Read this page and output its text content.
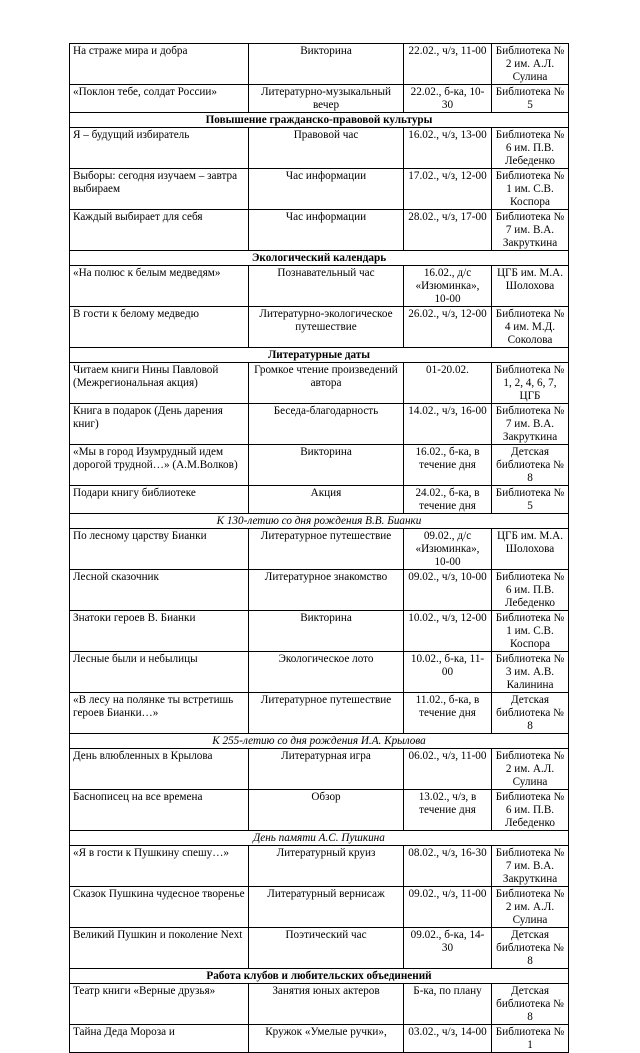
На страже мира и добра	Викторина	22.02., ч/з, 11-00	Библиотека № 2 им. А.Л. Сулина
«Поклон тебе, солдат России»	Литературно-музыкальный вечер	22.02., б-ка, 10-30	Библиотека № 5
Повышение гражданско-правовой культуры			
Я – будущий избиратель	Правовой час	16.02., ч/з, 13-00	Библиотека № 6 им. П.В. Лебеденко
Выборы: сегодня изучаем – завтра выбираем	Час информации	17.02., ч/з, 12-00	Библиотека № 1 им. С.В. Коспора
Каждый выбирает для себя	Час информации	28.02., ч/з, 17-00	Библиотека № 7 им. В.А. Закруткина
Экологический календарь			
«На полюс к белым медведям»	Познавательный час	16.02., д/с «Изюминка», 10-00	ЦГБ им. М.А. Шолохова
В гости к белому медведю	Литературно-экологическое путешествие	26.02., ч/з, 12-00	Библиотека № 4 им. М.Д. Соколова
Литературные даты			
Читаем книги Нины Павловой (Межрегиональная акция)	Громкое чтение произведений автора	01-20.02.	Библиотека № 1, 2, 4, 6, 7, ЦГБ
Книга в подарок (День дарения книг)	Беседа-благодарность	14.02., ч/з, 16-00	Библиотека № 7 им. В.А. Закруткина
«Мы в город Изумрудный идем дорогой трудной…» (А.М.Волков)	Викторина	16.02., б-ка, в течение дня	Детская библиотека № 8
Подари книгу библиотеке	Акция	24.02., б-ка, в течение дня	Библиотека № 5
К 130-летию со дня рождения В.В. Бианки			
По лесному царству Бианки	Литературное путешествие	09.02., д/с «Изюминка», 10-00	ЦГБ им. М.А. Шолохова
Лесной сказочник	Литературное знакомство	09.02., ч/з, 10-00	Библиотека № 6 им. П.В. Лебеденко
Знатоки героев В. Бианки	Викторина	10.02., ч/з, 12-00	Библиотека № 1 им. С.В. Коспора
Лесные были и небылицы	Экологическое лото	10.02., б-ка, 11-00	Библиотека № 3 им. А.В. Калинина
«В лесу на полянке ты встретишь героев Бианки…»	Литературное путешествие	11.02., б-ка, в течение дня	Детская библиотека № 8
К 255-летию со дня рождения И.А. Крылова			
День влюбленных в Крылова	Литературная игра	06.02., ч/з, 11-00	Библиотека № 2 им. А.Л. Сулина
Баснописец на все времена	Обзор	13.02., ч/з, в течение дня	Библиотека № 6 им. П.В. Лебеденко
День памяти А.С. Пушкина			
«Я в гости к Пушкину спешу…»	Литературный круиз	08.02., ч/з, 16-30	Библиотека № 7 им. В.А. Закруткина
Сказок Пушкина чудесное творенье	Литературный вернисаж	09.02., ч/з, 11-00	Библиотека № 2 им. А.Л. Сулина
Великий Пушкин и поколение Next	Поэтический час	09.02., б-ка, 14-30	Детская библиотека № 8
Работа клубов и любительских объединений			
Театр книги «Верные друзья»	Занятия юных актеров	Б-ка, по плану	Детская библиотека № 8
Тайна Деда Мороза и	Кружок «Умелые ручки»,	03.02., ч/з, 14-00	Библиотека № 1
